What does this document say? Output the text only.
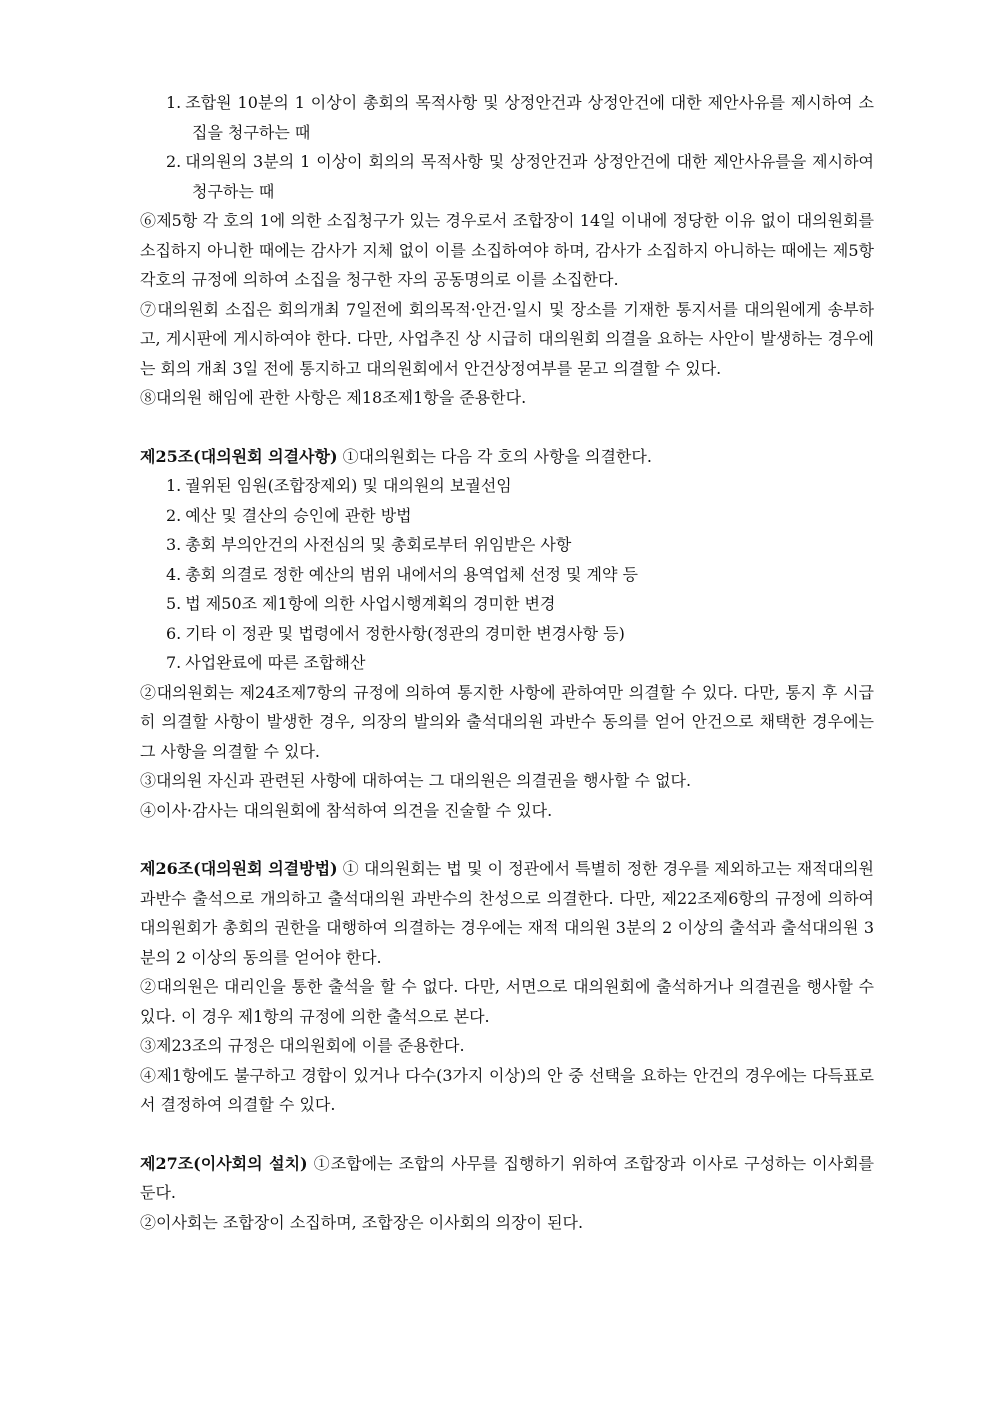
1. 조합원 10분의 1 이상이 총회의 목적사항 및 상정안건과 상정안건에 대한 제안사유를 제시하여 소집을 청구하는 때

2. 대의원의 3분의 1 이상이 회의의 목적사항 및 상정안건과 상정안건에 대한 제안사유를을 제시하여 청구하는 때

⑥제5항 각 호의 1에 의한 소집청구가 있는 경우로서 조합장이 14일 이내에 정당한 이유 없이 대의원회를 소집하지 아니한 때에는 감사가 지체 없이 이를 소집하여야 하며, 감사가 소집하지 아니하는 때에는 제5항 각호의 규정에 의하여 소집을 청구한 자의 공동명의로 이를 소집한다.

⑦대의원회 소집은 회의개최 7일전에 회의목적·안건·일시 및 장소를 기재한 통지서를 대의원에게 송부하고, 게시판에 게시하여야 한다. 다만, 사업추진 상 시급히 대의원회 의결을 요하는 사안이 발생하는 경우에는 회의 개최 3일 전에 통지하고 대의원회에서 안건상정여부를 묻고 의결할 수 있다.

⑧대의원 해임에 관한 사항은 제18조제1항을 준용한다.

제25조(대의원회 의결사항) ①대의원회는 다음 각 호의 사항을 의결한다.

1. 궐위된 임원(조합장제외) 및 대의원의 보궐선임

2. 예산 및 결산의 승인에 관한 방법

3. 총회 부의안건의 사전심의 및 총회로부터 위임받은 사항

4. 총회 의결로 정한 예산의 범위 내에서의 용역업체 선정 및 계약 등

5. 법 제50조 제1항에 의한 사업시행계획의 경미한 변경

6. 기타 이 정관 및 법령에서 정한사항(정관의 경미한 변경사항 등)

7. 사업완료에 따른 조합해산

②대의원회는 제24조제7항의 규정에 의하여 통지한 사항에 관하여만 의결할 수 있다. 다만, 통지 후 시급히 의결할 사항이 발생한 경우, 의장의 발의와 출석대의원 과반수 동의를 얻어 안건으로 채택한 경우에는 그 사항을 의결할 수 있다.

③대의원 자신과 관련된 사항에 대하여는 그 대의원은 의결권을 행사할 수 없다.

④이사·감사는 대의원회에 참석하여 의견을 진술할 수 있다.

제26조(대의원회 의결방법) ① 대의원회는 법 및 이 정관에서 특별히 정한 경우를 제외하고는 재적대의원 과반수 출석으로 개의하고 출석대의원 과반수의 찬성으로 의결한다. 다만, 제22조제6항의 규정에 의하여 대의원회가 총회의 권한을 대행하여 의결하는 경우에는 재적 대의원 3분의 2 이상의 출석과 출석대의원 3분의 2 이상의 동의를 얻어야 한다.

②대의원은 대리인을 통한 출석을 할 수 없다. 다만, 서면으로 대의원회에 출석하거나 의결권을 행사할 수 있다. 이 경우 제1항의 규정에 의한 출석으로 본다.

③제23조의 규정은 대의원회에 이를 준용한다.

④제1항에도 불구하고 경합이 있거나 다수(3가지 이상)의 안 중 선택을 요하는 안건의 경우에는 다득표로서 결정하여 의결할 수 있다.

제27조(이사회의 설치) ①조합에는 조합의 사무를 집행하기 위하여 조합장과 이사로 구성하는 이사회를 둔다.

②이사회는 조합장이 소집하며, 조합장은 이사회의 의장이 된다.
